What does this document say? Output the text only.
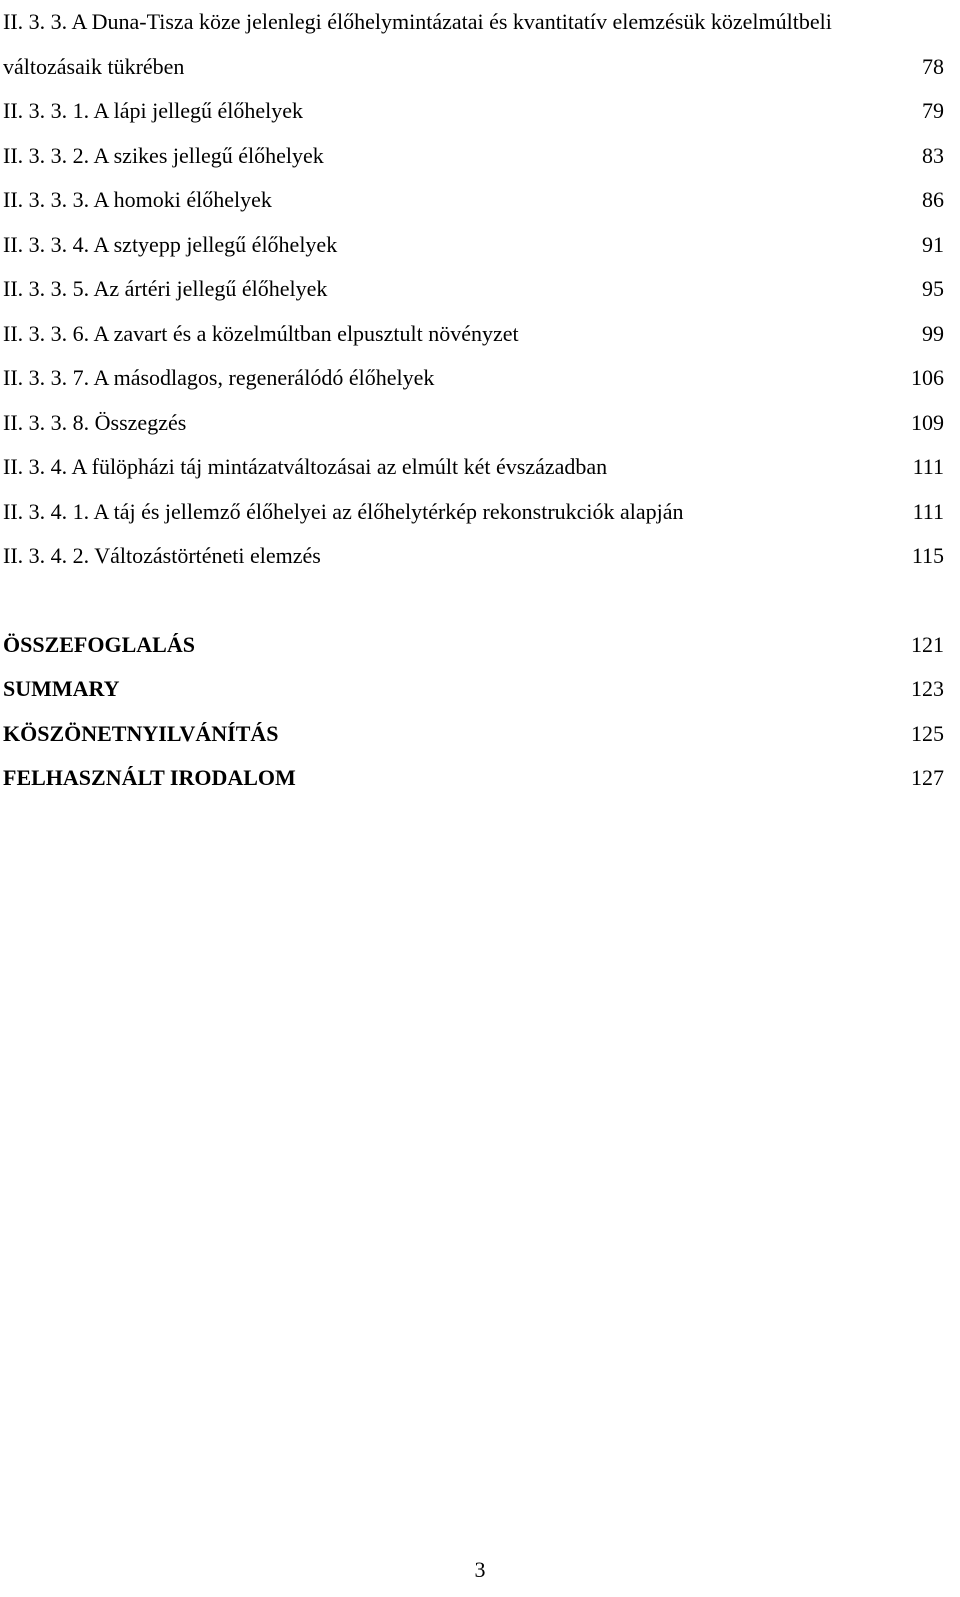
II. 3. 3. A Duna-Tisza köze jelenlegi élőhelymintázatai és kvantitatív elemzésük közelmúltbeli változásaik tükrében	78
II. 3. 3. 1. A lápi jellegű élőhelyek	79
II. 3. 3. 2. A szikes jellegű élőhelyek	83
II. 3. 3. 3. A homoki élőhelyek	86
II. 3. 3. 4. A sztyepp jellegű élőhelyek	91
II. 3. 3. 5. Az ártéri jellegű élőhelyek	95
II. 3. 3. 6. A zavart és a közelmúltban elpusztult növényzet	99
II. 3. 3. 7. A másodlagos, regenerálódó élőhelyek	106
II. 3. 3. 8. Összegzés	109
II. 3. 4. A fülöpházi táj mintázatváltozásai az elmúlt két évszázadban	111
II. 3. 4. 1. A táj és jellemző élőhelyei az élőhelytérkép rekonstrukciók alapján	111
II. 3. 4. 2. Változástörténeti elemzés	115
ÖSSZEFOGLALÁS	121
SUMMARY	123
KÖSZÖNETNYILVÁNÍTÁS	125
FELHASZNÁLT IRODALOM	127
3
